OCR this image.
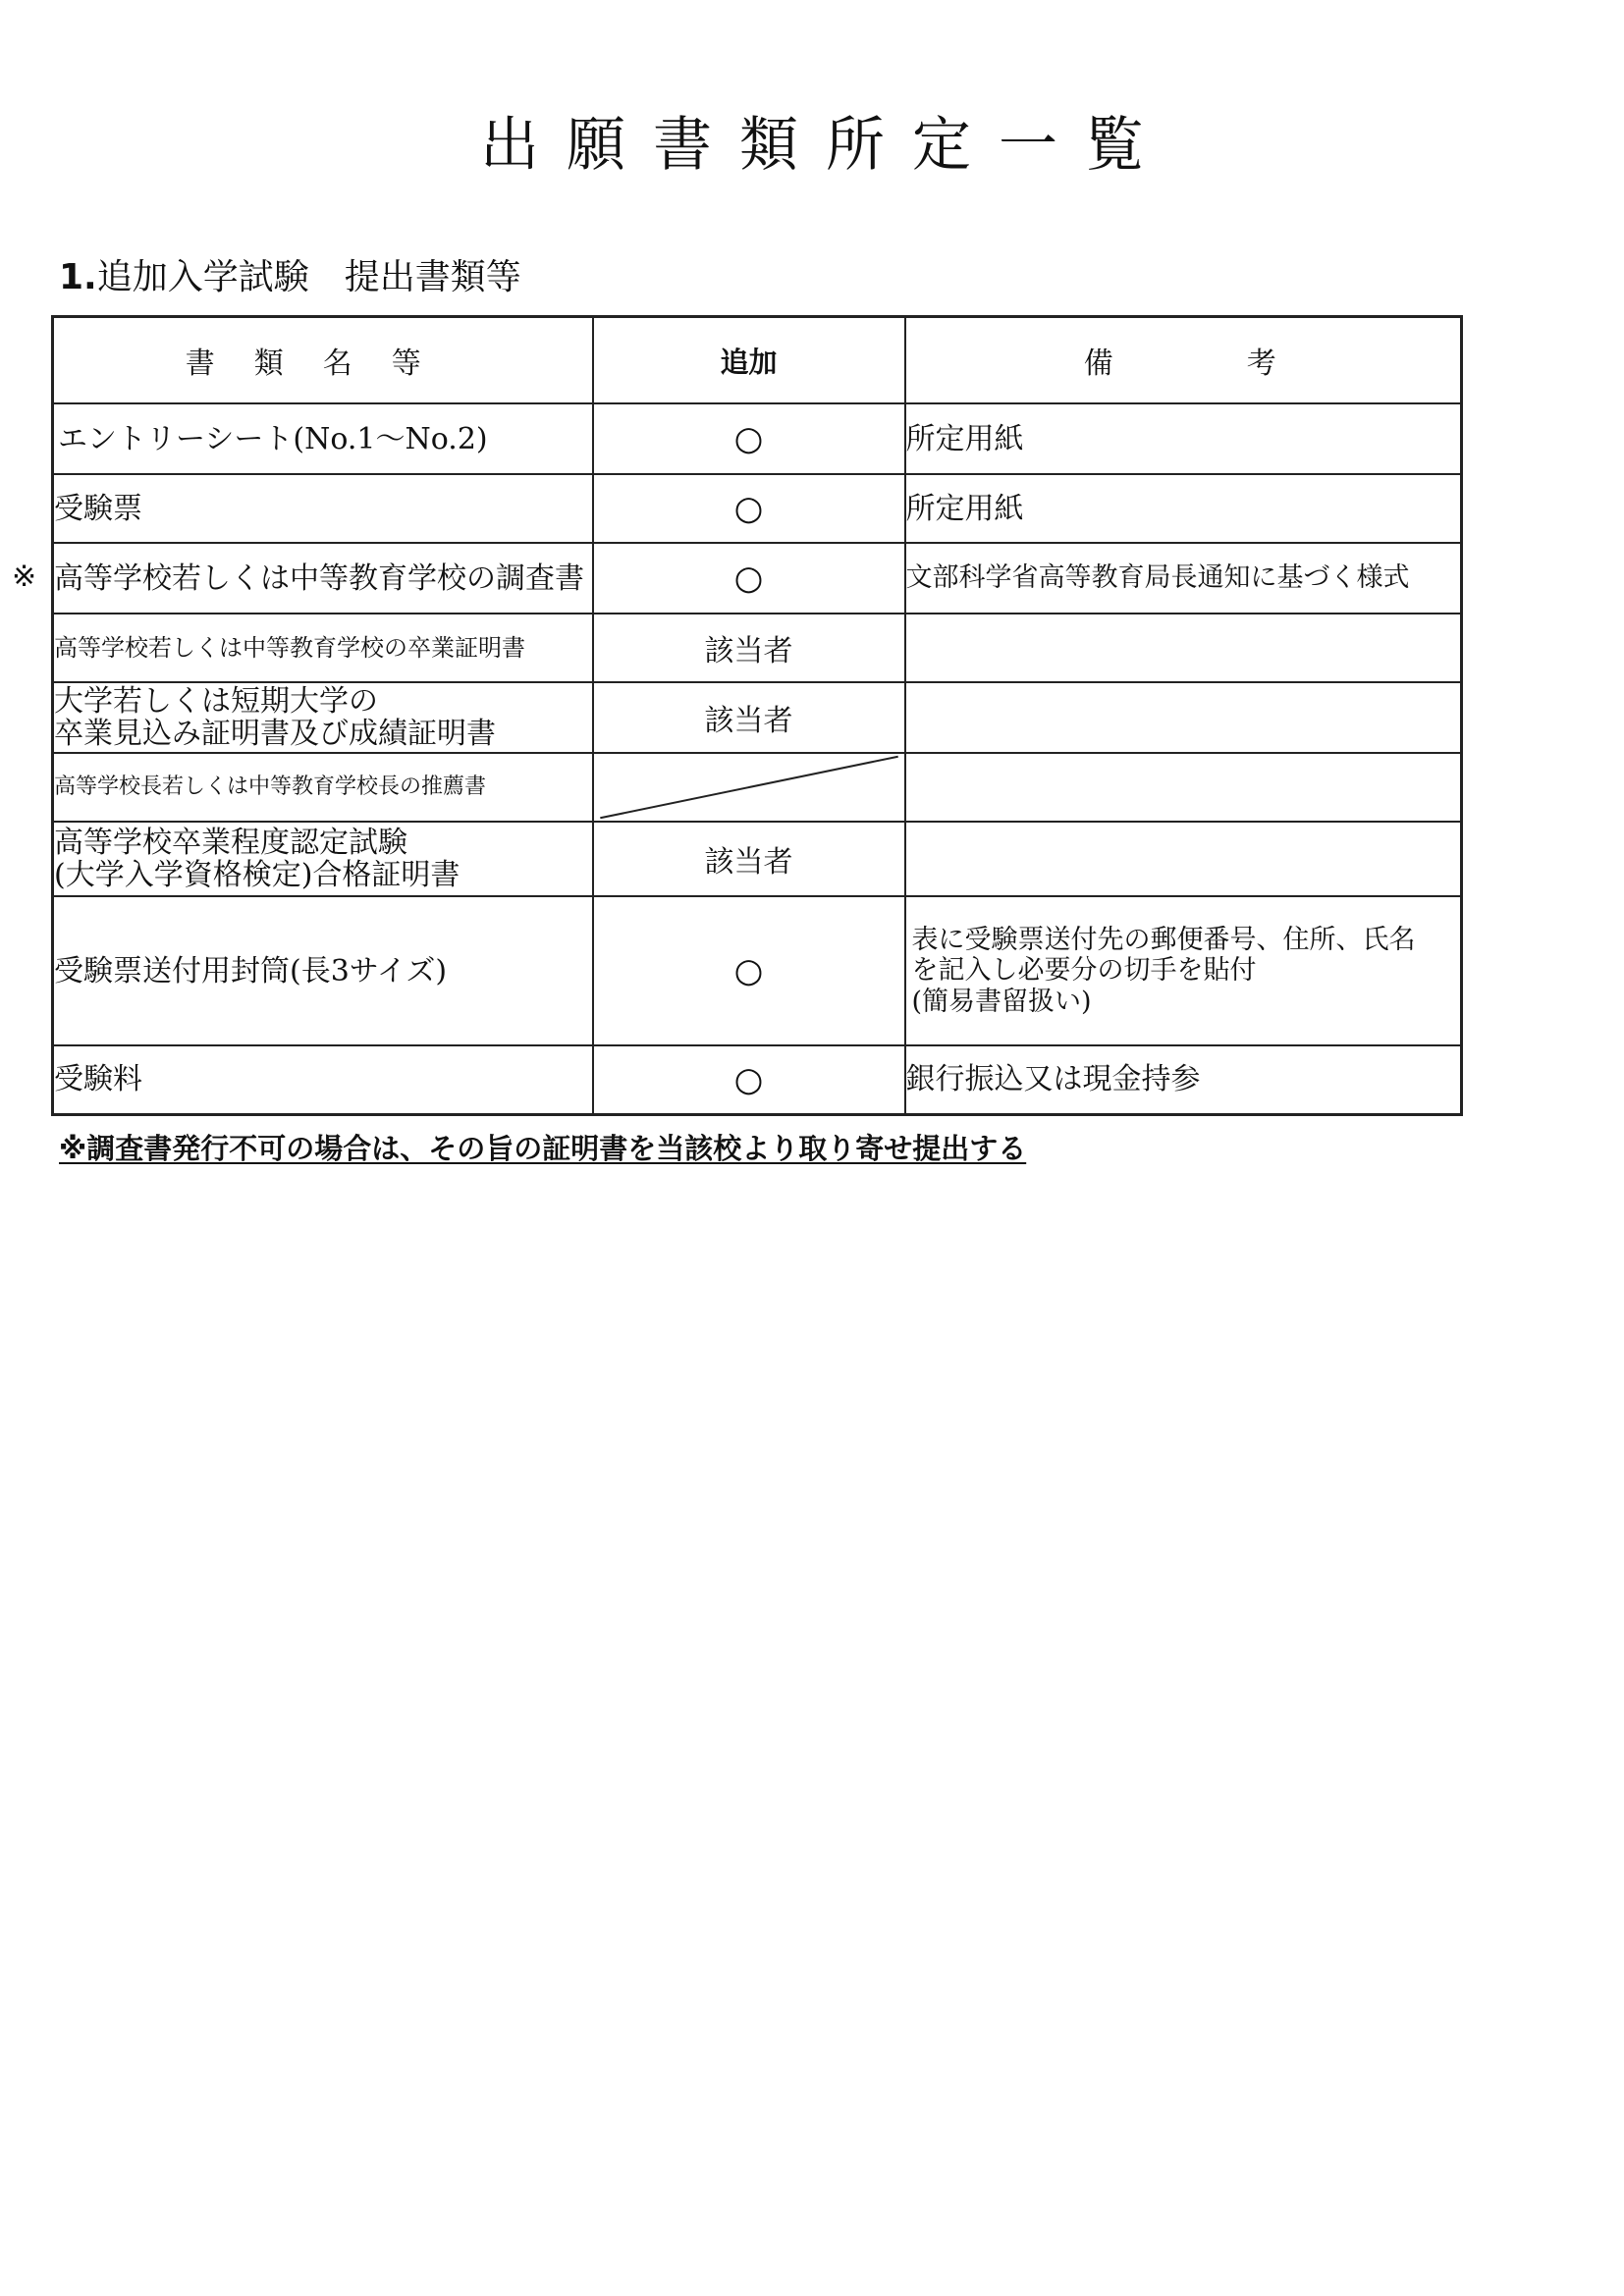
出願書類所定一覧
1.追加入学試験　提出書類等
※
書類名等	追加	備 考
エントリーシート(No.1〜No.2)	○	所定用紙
受験票	○	所定用紙
高等学校若しくは中等教育学校の調査書	○	文部科学省高等教育局長通知に基づく様式
高等学校若しくは中等教育学校の卒業証明書	該当者	

大学若しくは短期大学の
卒業見込み証明書及び成績証明書	該当者	
高等学校長若しくは中等教育学校長の推薦書	

高等学校卒業程度認定試験
(大学入学資格検定)合格証明書	該当者	
受験票送付用封筒(長3サイズ)	○	表に受験票送付先の郵便番号、住所、氏名
を記入し必要分の切手を貼付
(簡易書留扱い)

受験料	○	銀行振込又は現金持参
※調査書発行不可の場合は、その旨の証明書を当該校より取り寄せ提出する
